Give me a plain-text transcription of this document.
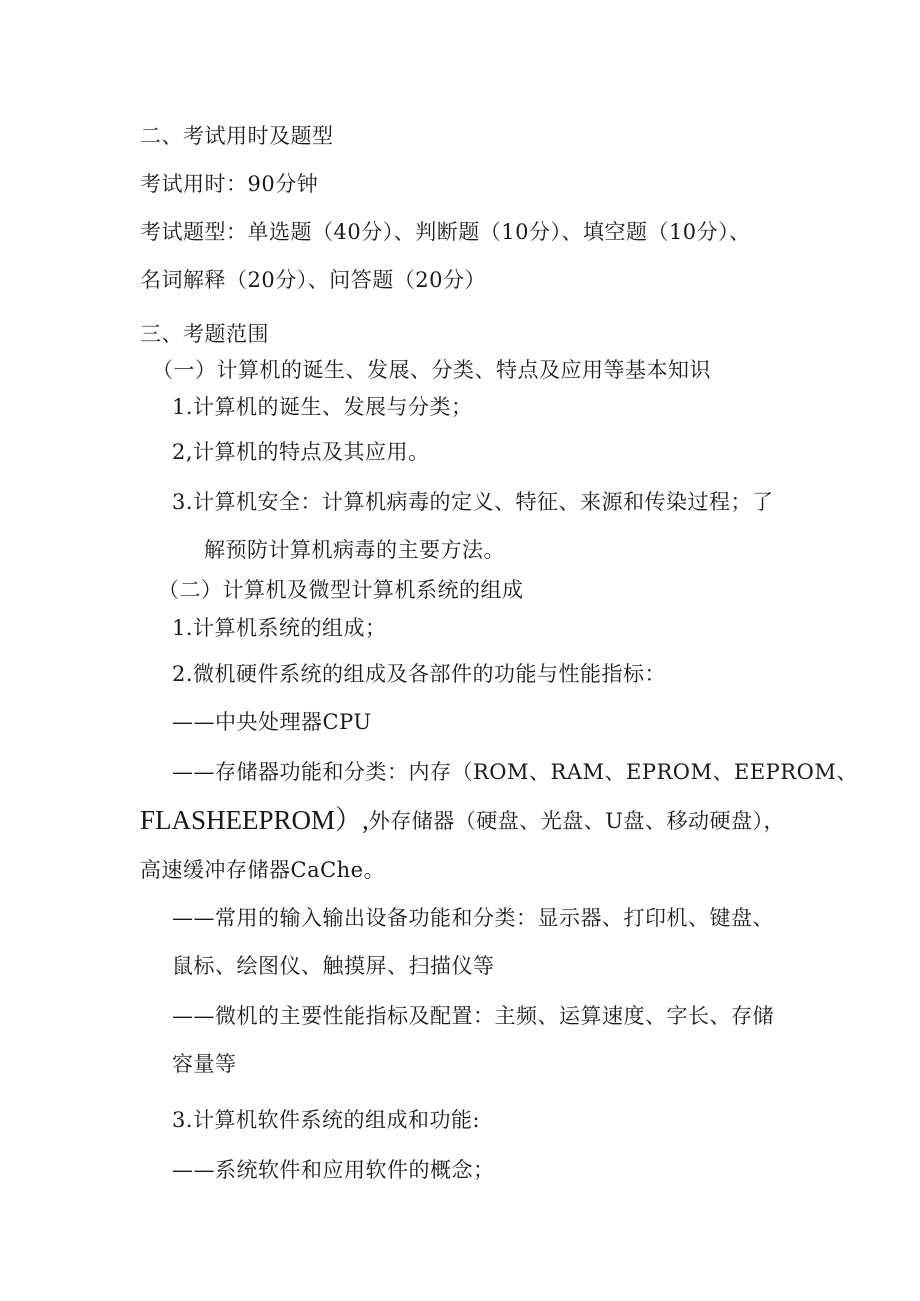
二、考试用时及题型
考试用时：90分钟
考试题型：单选题（40分）、判断题（10分）、填空题（10分）、
名词解释（20分）、问答题（20分）
三、考题范围
（一）计算机的诞生、发展、分类、特点及应用等基本知识
1.计算机的诞生、发展与分类；
2,计算机的特点及其应用。
3.计算机安全：计算机病毒的定义、特征、来源和传染过程；了
解预防计算机病毒的主要方法。
（二）计算机及微型计算机系统的组成
1.计算机系统的组成；
2.微机硬件系统的组成及各部件的功能与性能指标：
——中央处理器CPU
——存储器功能和分类：内存（ROM、RAM、EPROM、EEPROM、
FLASHEEPROM）,外存储器（硬盘、光盘、U盘、移动硬盘），
高速缓冲存储器CaChe。
——常用的输入输出设备功能和分类：显示器、打印机、键盘、
鼠标、绘图仪、触摸屏、扫描仪等
——微机的主要性能指标及配置：主频、运算速度、字长、存储
容量等
3.计算机软件系统的组成和功能:
——系统软件和应用软件的概念；
